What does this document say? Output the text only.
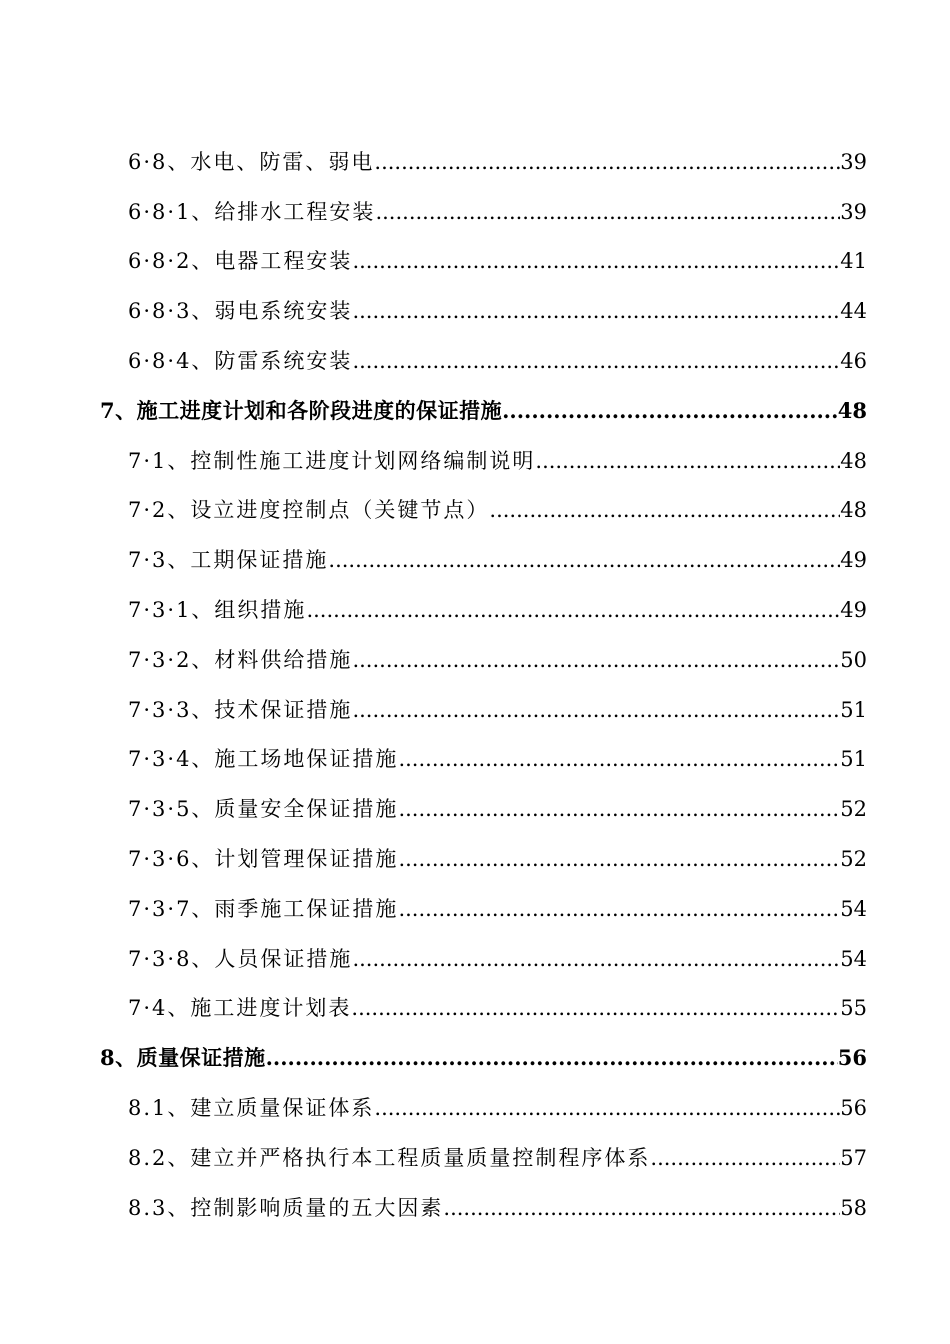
6·8、水电、防雷、弱电 .....	39
6·8·1、给排水工程安装 .....	39
6·8·2、电器工程安装 .....	41
6·8·3、弱电系统安装 .....	44
6·8·4、防雷系统安装 .....	46
7、施工进度计划和各阶段进度的保证措施 .....	48
7·1、控制性施工进度计划网络编制说明 .....	48
7·2、设立进度控制点（关键节点） .....	48
7·3、工期保证措施 .....	49
7·3·1、组织措施 .....	49
7·3·2、材料供给措施 .....	50
7·3·3、技术保证措施 .....	51
7·3·4、施工场地保证措施 .....	51
7·3·5、质量安全保证措施 .....	52
7·3·6、计划管理保证措施 .....	52
7·3·7、雨季施工保证措施 .....	54
7·3·8、人员保证措施 .....	54
7·4、施工进度计划表 .....	55
8、质量保证措施 .....	56
8.1、建立质量保证体系 .....	56
8.2、建立并严格执行本工程质量质量控制程序体系 .....	57
8.3、控制影响质量的五大因素 .....	58
